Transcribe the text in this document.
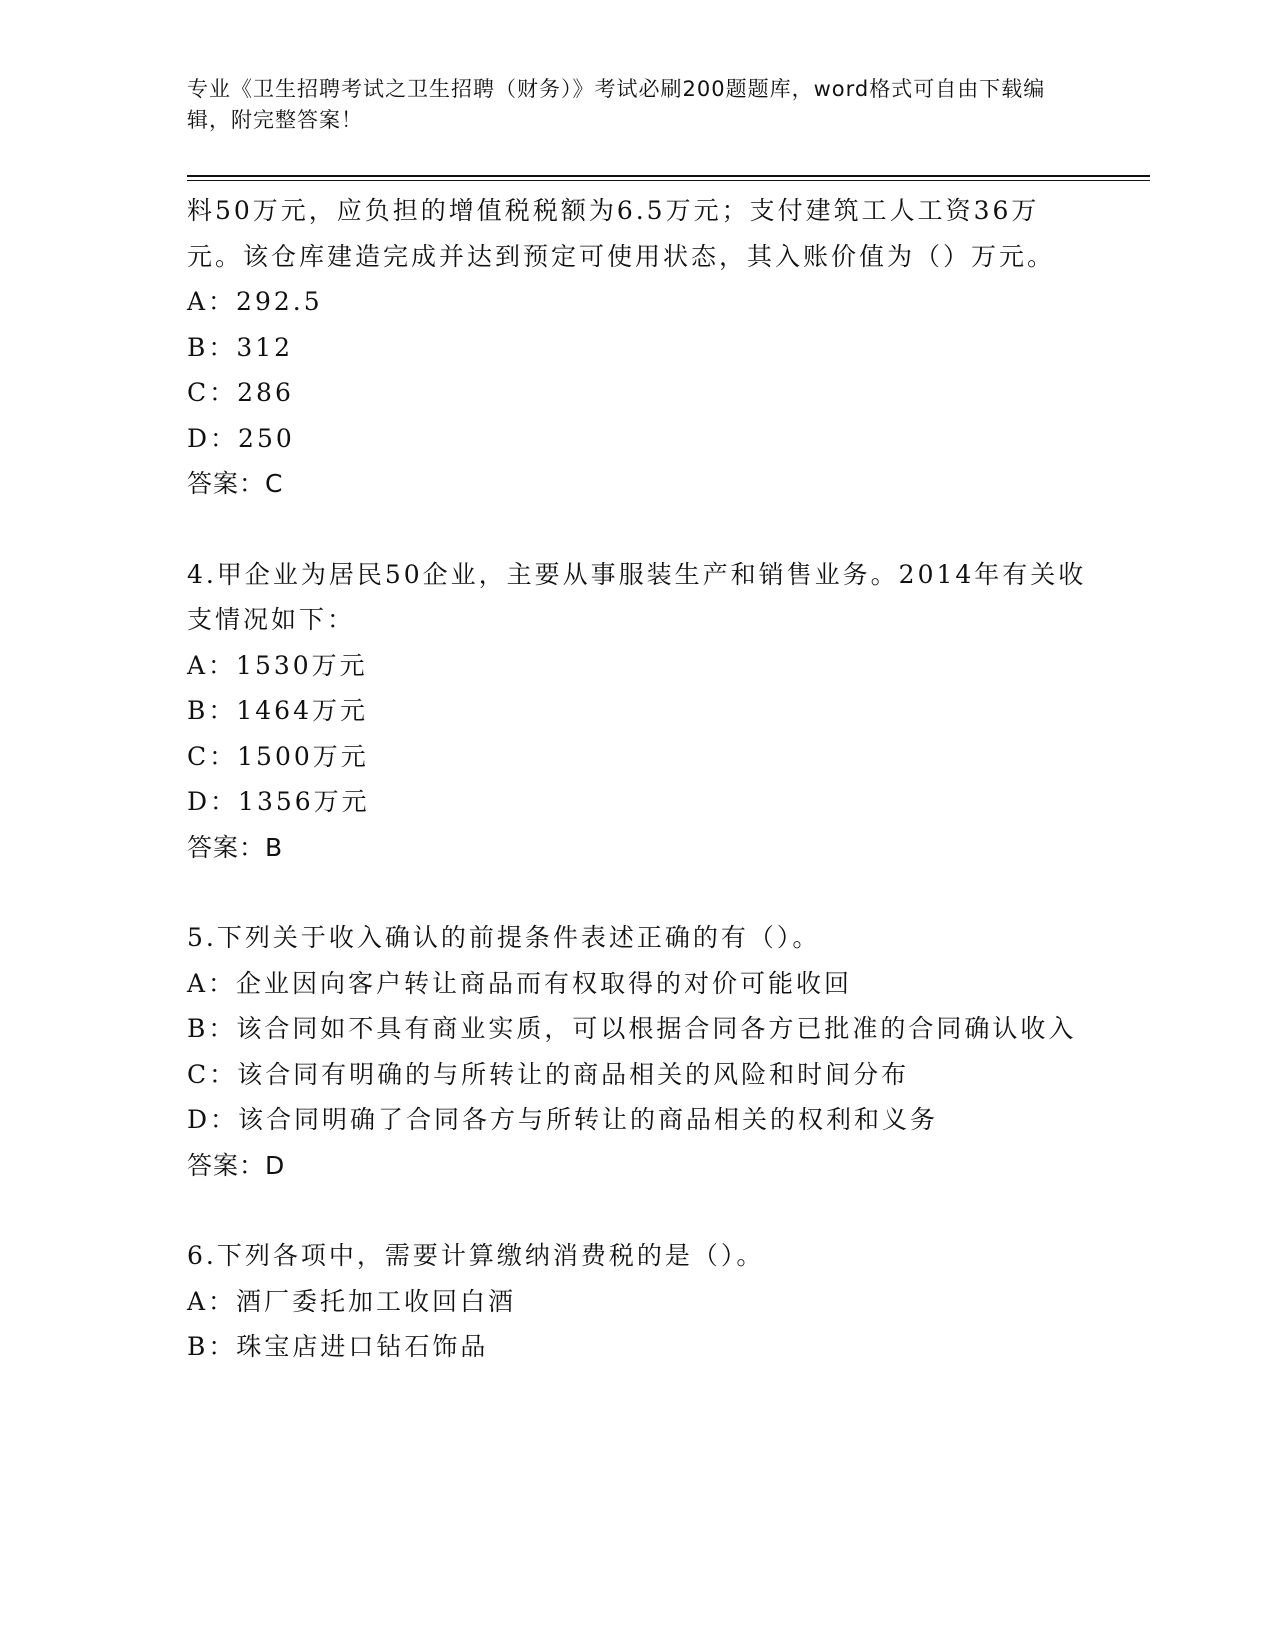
专业《卫生招聘考试之卫生招聘（财务）》考试必刷200题题库，word格式可自由下载编辑，附完整答案！
料50万元，应负担的增值税税额为6.5万元；支付建筑工人工资36万元。该仓库建造完成并达到预定可使用状态，其入账价值为（）万元。
A：292.5
B：312
C：286
D：250
答案：C
4.甲企业为居民50企业，主要从事服装生产和销售业务。2014年有关收支情况如下：
A：1530万元
B：1464万元
C：1500万元
D：1356万元
答案：B
5.下列关于收入确认的前提条件表述正确的有（）。
A：企业因向客户转让商品而有权取得的对价可能收回
B：该合同如不具有商业实质，可以根据合同各方已批准的合同确认收入
C：该合同有明确的与所转让的商品相关的风险和时间分布
D：该合同明确了合同各方与所转让的商品相关的权利和义务
答案：D
6.下列各项中，需要计算缴纳消费税的是（）。
A：酒厂委托加工收回白酒
B：珠宝店进口钻石饰品
